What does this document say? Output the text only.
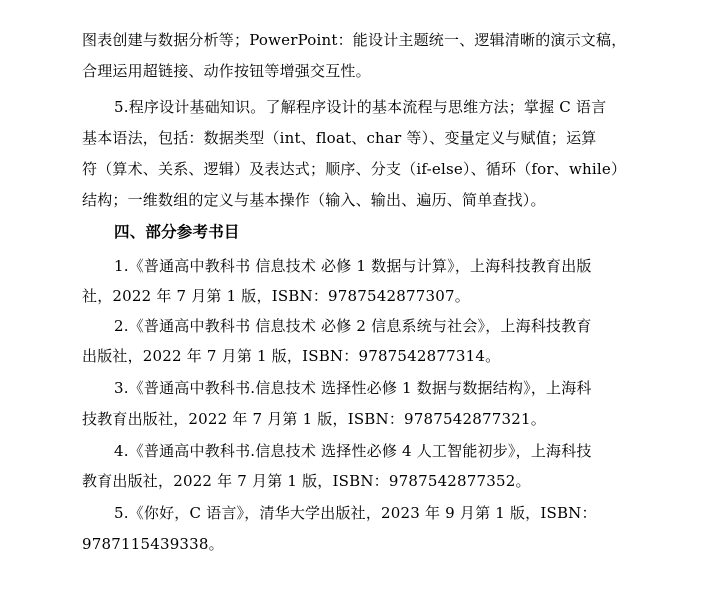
图表创建与数据分析等；PowerPoint：能设计主题统一、逻辑清晰的演示文稿，
合理运用超链接、动作按钮等增强交互性。
5.程序设计基础知识。了解程序设计的基本流程与思维方法；掌握 C 语言
基本语法，包括：数据类型（int、float、char 等）、变量定义与赋值；运算
符（算术、关系、逻辑）及表达式；顺序、分支（if-else）、循环（for、while）
结构；一维数组的定义与基本操作（输入、输出、遍历、简单查找）。
四、部分参考书目
1.《普通高中教科书 信息技术 必修 1 数据与计算》，上海科技教育出版
社，2022 年 7 月第 1 版，ISBN：9787542877307。
2.《普通高中教科书 信息技术 必修 2 信息系统与社会》，上海科技教育
出版社，2022 年 7 月第 1 版，ISBN：9787542877314。
3.《普通高中教科书.信息技术 选择性必修 1 数据与数据结构》，上海科
技教育出版社，2022 年 7 月第 1 版，ISBN：9787542877321。
4.《普通高中教科书.信息技术 选择性必修 4 人工智能初步》，上海科技
教育出版社，2022 年 7 月第 1 版，ISBN：9787542877352。
5.《你好，C 语言》，清华大学出版社，2023 年 9 月第 1 版，ISBN：
9787115439338。
